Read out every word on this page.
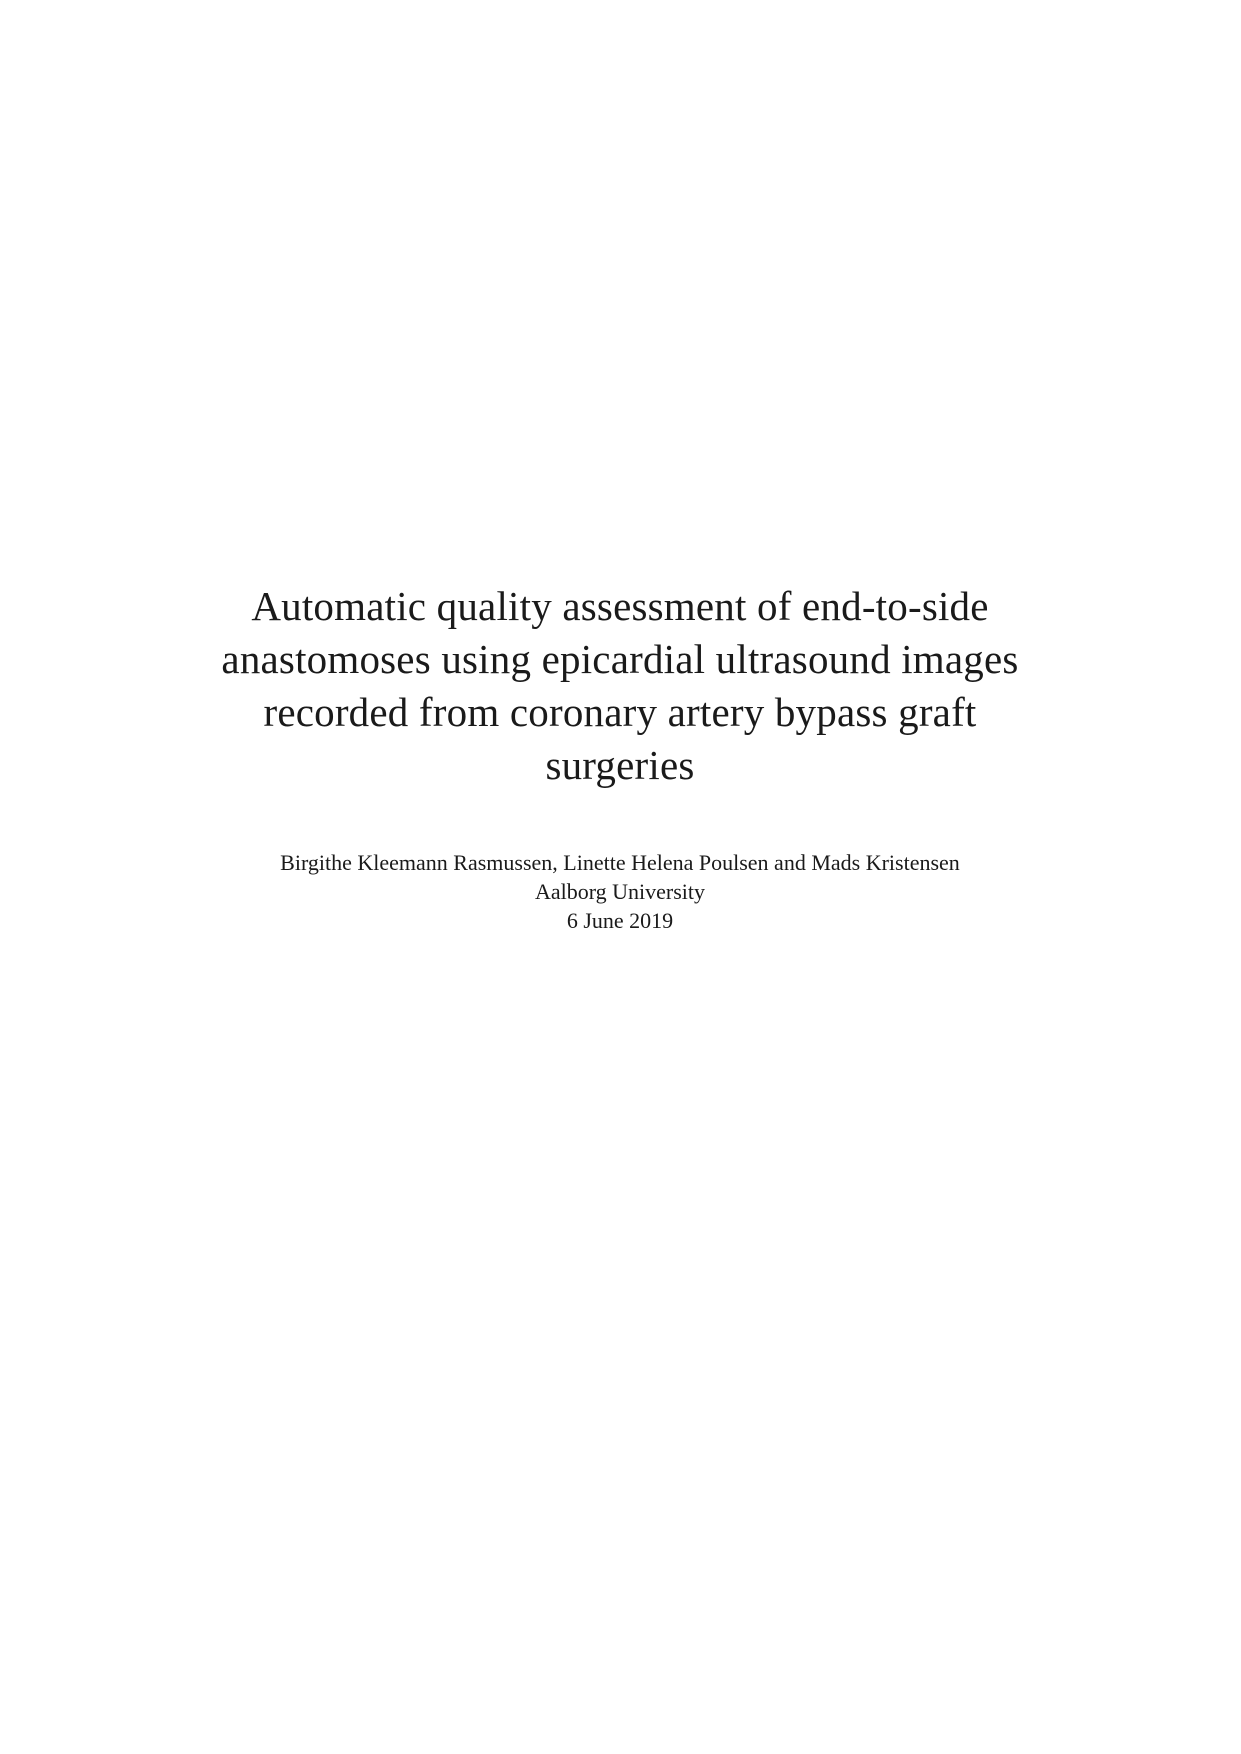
Automatic quality assessment of end-to-side
anastomoses using epicardial ultrasound images
recorded from coronary artery bypass graft
surgeries
Birgithe Kleemann Rasmussen, Linette Helena Poulsen and Mads Kristensen
Aalborg University
6 June 2019
